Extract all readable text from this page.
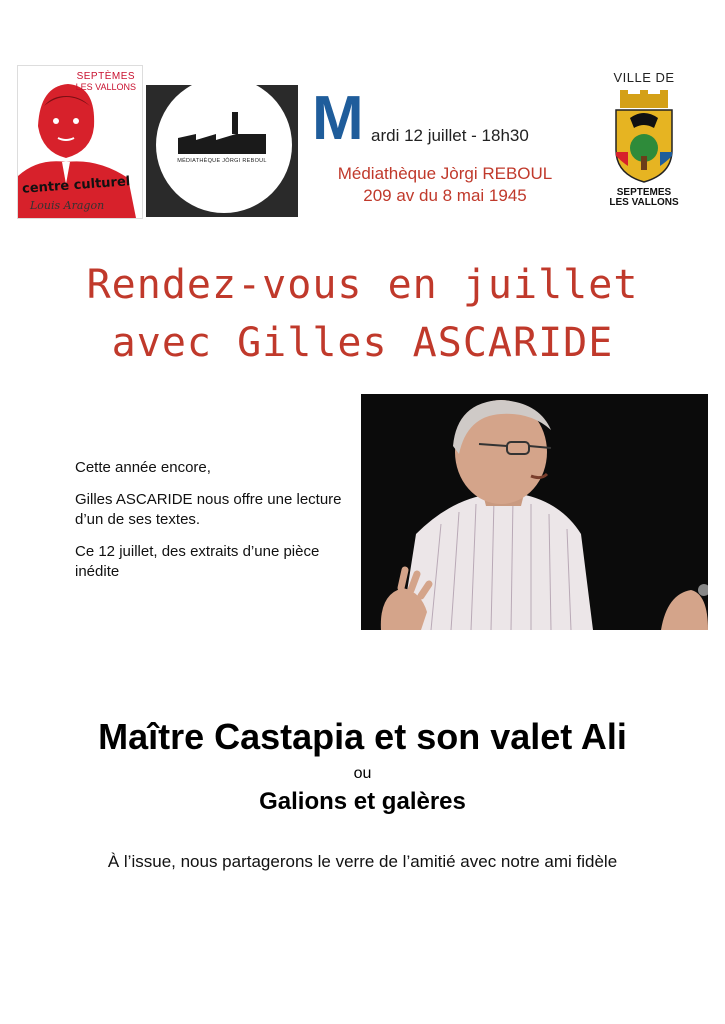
SEPTÈMES
LES VALLONS
centre culturel
Louis Aragon
MÉDIATHÈQUE JÒRGI REBOUL
M ardi 12 juillet - 18h30
Médiathèque Jòrgi REBOUL
209 av du 8 mai 1945
VILLE DE
SEPTEMES
LES VALLONS
Rendez-vous en juillet
avec Gilles ASCARIDE

Cette année encore,

Gilles ASCARIDE nous offre une lecture d’un de ses textes.

Ce 12 juillet, des extraits d’une pièce inédite

Maître Castapia et son valet Ali
ou
Galions et galères
À l’issue, nous partagerons le verre de l’amitié avec notre ami fidèle
